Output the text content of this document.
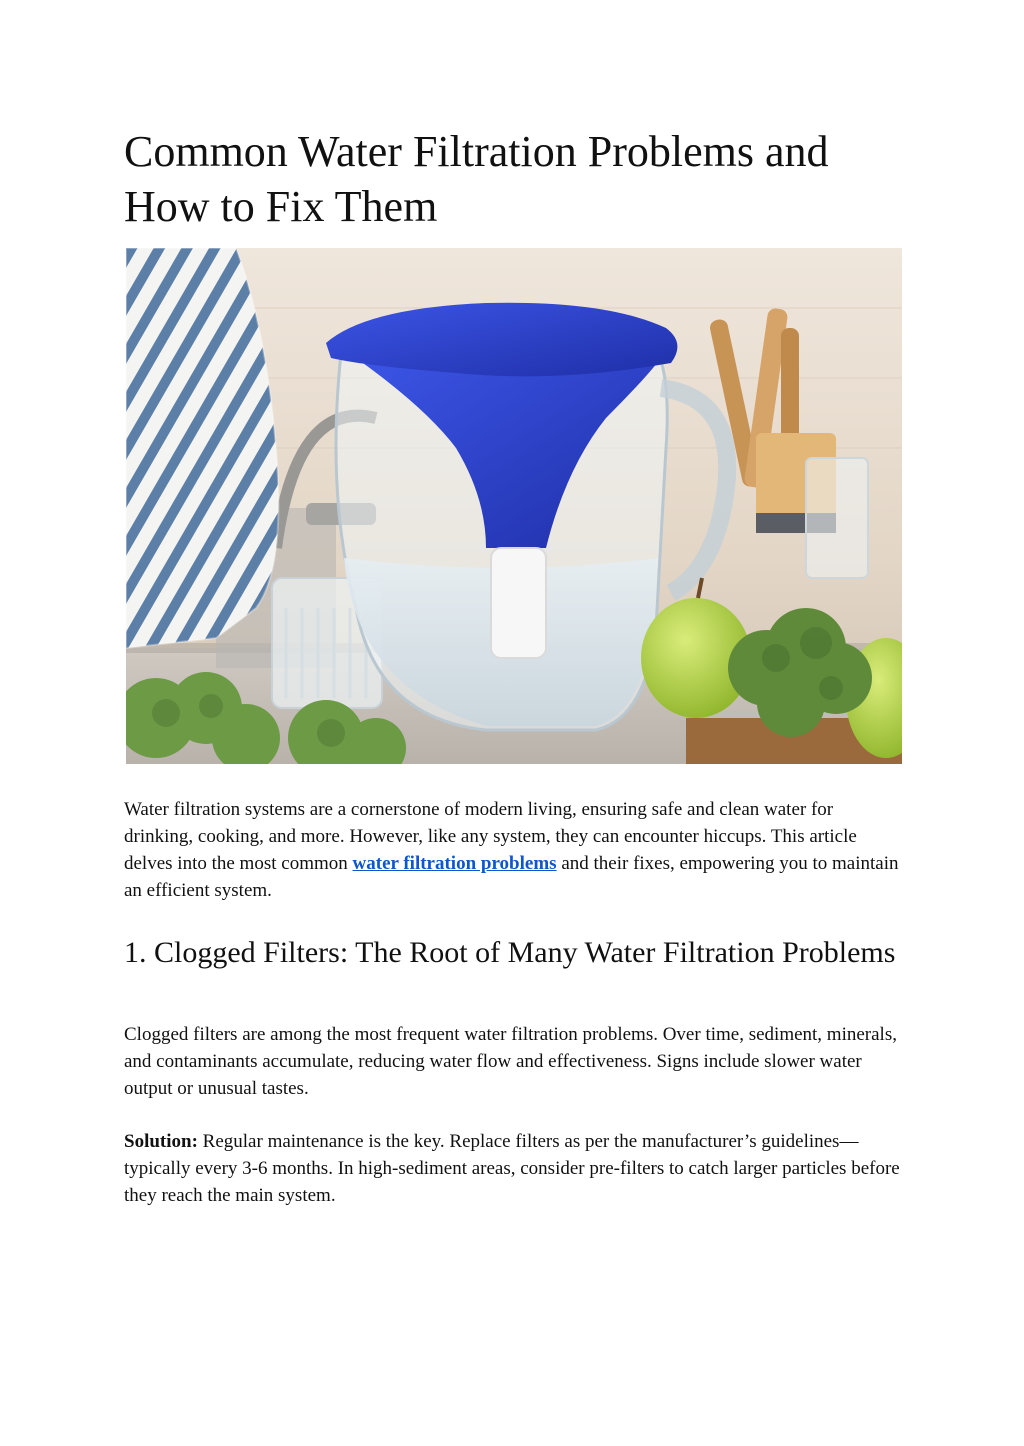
Common Water Filtration Problems and How to Fix Them

Water filtration systems are a cornerstone of modern living, ensuring safe and clean water for drinking, cooking, and more. However, like any system, they can encounter hiccups. This article delves into the most common water filtration problems and their fixes, empowering you to maintain an efficient system.

1. Clogged Filters: The Root of Many Water Filtration Problems

Clogged filters are among the most frequent water filtration problems. Over time, sediment, minerals, and contaminants accumulate, reducing water flow and effectiveness. Signs include slower water output or unusual tastes.

Solution: Regular maintenance is the key. Replace filters as per the manufacturer’s guidelines—typically every 3-6 months. In high-sediment areas, consider pre-filters to catch larger particles before they reach the main system.
